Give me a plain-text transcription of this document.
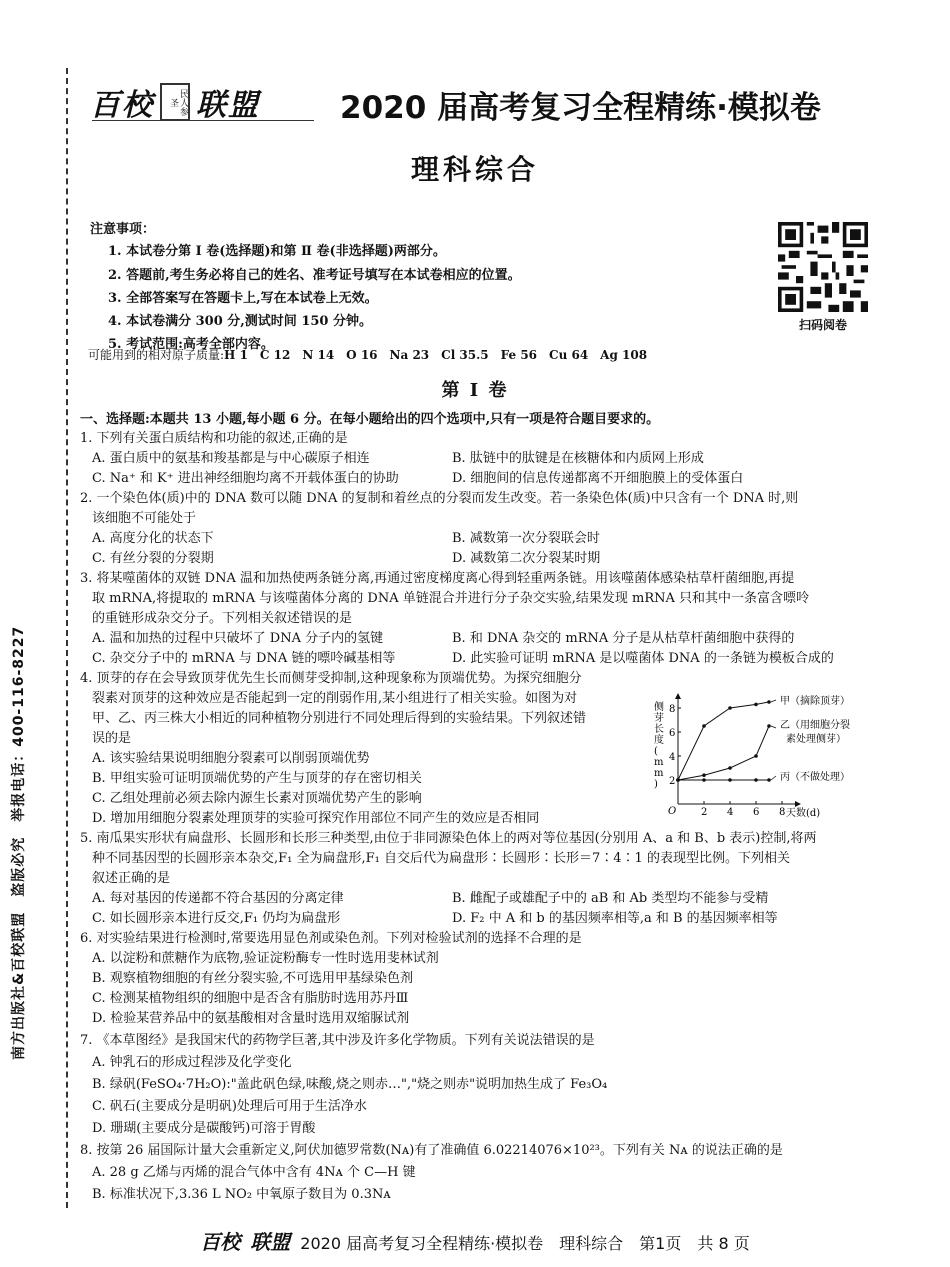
南方出版社&百校联盟　盗版必究　举报电话：400-116-8227
百校	民人参圣 联盟	2020 届高考复习全程精练·模拟卷
理科综合
注意事项：
1. 本试卷分第 Ⅰ 卷(选择题)和第 Ⅱ 卷(非选择题)两部分。
2. 答题前,考生务必将自己的姓名、准考证号填写在本试卷相应的位置。
3. 全部答案写在答题卡上,写在本试卷上无效。
4. 本试卷满分 300 分,测试时间 150 分钟。
5. 考试范围:高考全部内容。
可能用到的相对原子质量:H 1　C 12　N 14　O 16　Na 23　Cl 35.5　Fe 56　Cu 64　Ag 108
扫码阅卷
第 Ⅰ 卷
一、选择题:本题共 13 小题,每小题 6 分。在每小题给出的四个选项中,只有一项是符合题目要求的。
1. 下列有关蛋白质结构和功能的叙述,正确的是
A. 蛋白质中的氨基和羧基都是与中心碳原子相连	B. 肽链中的肽键是在核糖体和内质网上形成
C. Na⁺ 和 K⁺ 进出神经细胞均离不开载体蛋白的协助	D. 细胞间的信息传递都离不开细胞膜上的受体蛋白
2. 一个染色体(质)中的 DNA 数可以随 DNA 的复制和着丝点的分裂而发生改变。若一条染色体(质)中只含有一个 DNA 时,则
该细胞不可能处于
A. 高度分化的状态下	B. 减数第一次分裂联会时
C. 有丝分裂的分裂期	D. 减数第二次分裂某时期
3. 将某噬菌体的双链 DNA 温和加热使两条链分离,再通过密度梯度离心得到轻重两条链。用该噬菌体感染枯草杆菌细胞,再提
取 mRNA,将提取的 mRNA 与该噬菌体分离的 DNA 单链混合并进行分子杂交实验,结果发现 mRNA 只和其中一条富含嘌呤
的重链形成杂交分子。下列相关叙述错误的是
A. 温和加热的过程中只破坏了 DNA 分子内的氢键	B. 和 DNA 杂交的 mRNA 分子是从枯草杆菌细胞中获得的
C. 杂交分子中的 mRNA 与 DNA 链的嘌呤碱基相等	D. 此实验可证明 mRNA 是以噬菌体 DNA 的一条链为模板合成的
4. 顶芽的存在会导致顶芽优先生长而侧芽受抑制,这种现象称为顶端优势。为探究细胞分
裂素对顶芽的这种效应是否能起到一定的削弱作用,某小组进行了相关实验。如图为对
甲、乙、丙三株大小相近的同种植物分别进行不同处理后得到的实验结果。下列叙述错
误的是
A. 该实验结果说明细胞分裂素可以削弱顶端优势
B. 甲组实验可证明顶端优势的产生与顶芽的存在密切相关
C. 乙组处理前必须去除内源生长素对顶端优势产生的影响
D. 增加用细胞分裂素处理顶芽的实验可探究作用部位不同产生的效应是否相同
侧
芽
长
度
(
m
m
)
O	天数(d)
2 4 6 8
2
4
6
8
甲（摘除顶芽）
乙（用细胞分裂
素处理侧芽）
丙（不做处理）
5. 南瓜果实形状有扁盘形、长圆形和长形三种类型,由位于非同源染色体上的两对等位基因(分别用 A、a 和 B、b 表示)控制,将两
种不同基因型的长圆形亲本杂交,F₁ 全为扁盘形,F₁ 自交后代为扁盘形∶长圆形∶长形＝7∶4∶1 的表现型比例。下列相关
叙述正确的是
A. 每对基因的传递都不符合基因的分离定律	B. 雌配子或雄配子中的 aB 和 Ab 类型均不能参与受精
C. 如长圆形亲本进行反交,F₁ 仍均为扁盘形	D. F₂ 中 A 和 b 的基因频率相等,a 和 B 的基因频率相等
6. 对实验结果进行检测时,常要选用显色剂或染色剂。下列对检验试剂的选择不合理的是
A. 以淀粉和蔗糖作为底物,验证淀粉酶专一性时选用斐林试剂
B. 观察植物细胞的有丝分裂实验,不可选用甲基绿染色剂
C. 检测某植物组织的细胞中是否含有脂肪时选用苏丹Ⅲ
D. 检验某营养品中的氨基酸相对含量时选用双缩脲试剂
7. 《本草图经》是我国宋代的药物学巨著,其中涉及许多化学物质。下列有关说法错误的是
A. 钟乳石的形成过程涉及化学变化
B. 绿矾(FeSO₄·7H₂O):"盖此矾色绿,味酸,烧之则赤…","烧之则赤"说明加热生成了 Fe₃O₄
C. 矾石(主要成分是明矾)处理后可用于生活净水
D. 珊瑚(主要成分是碳酸钙)可溶于胃酸
8. 按第 26 届国际计量大会重新定义,阿伏加德罗常数(Nᴀ)有了准确值 6.02214076×10²³。下列有关 Nᴀ 的说法正确的是
A. 28 g 乙烯与丙烯的混合气体中含有 4Nᴀ 个 C—H 键
B. 标准状况下,3.36 L NO₂ 中氧原子数目为 0.3Nᴀ
百校 联盟 2020 届高考复习全程精练·模拟卷　理科综合　第1页　共 8 页
